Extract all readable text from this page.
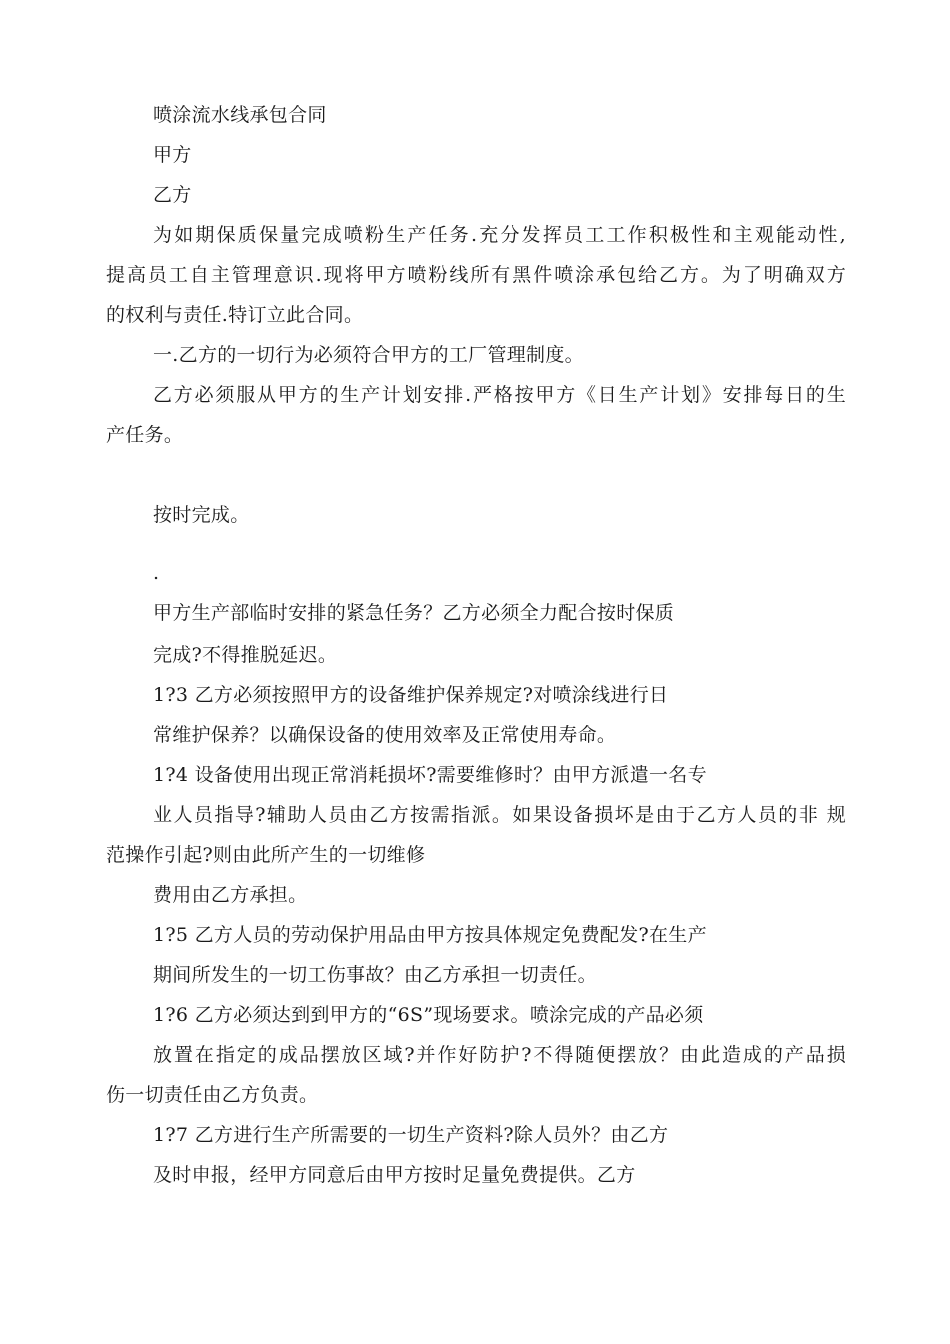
喷涂流水线承包合同
甲方
乙方
为如期保质保量完成喷粉生产任务.充分发挥员工工作积极性和主观能动性,
提高员工自主管理意识.现将甲方喷粉线所有黑件喷涂承包给乙方。为了明确双方
的权利与责任.特订立此合同。
一.乙方的一切行为必须符合甲方的工厂管理制度。
乙方必须服从甲方的生产计划安排.严格按甲方《日生产计划》安排每日的生
产任务。
按时完成。
.
甲方生产部临时安排的紧急任务？乙方必须全力配合按时保质
完成?不得推脱延迟。
1?3 乙方必须按照甲方的设备维护保养规定?对喷涂线进行日
常维护保养？以确保设备的使用效率及正常使用寿命。
1?4 设备使用出现正常消耗损坏?需要维修时？由甲方派遣一名专
业人员指导?辅助人员由乙方按需指派。如果设备损坏是由于乙方人员的非 规
范操作引起?则由此所产生的一切维修
费用由乙方承担。
1?5 乙方人员的劳动保护用品由甲方按具体规定免费配发?在生产
期间所发生的一切工伤事故？由乙方承担一切责任。
1?6 乙方必须达到到甲方的“6S”现场要求。喷涂完成的产品必须
放置在指定的成品摆放区域?并作好防护?不得随便摆放？由此造成的产品损
伤一切责任由乙方负责。
1?7 乙方进行生产所需要的一切生产资料?除人员外？由乙方
及时申报，经甲方同意后由甲方按时足量免费提供。乙方
